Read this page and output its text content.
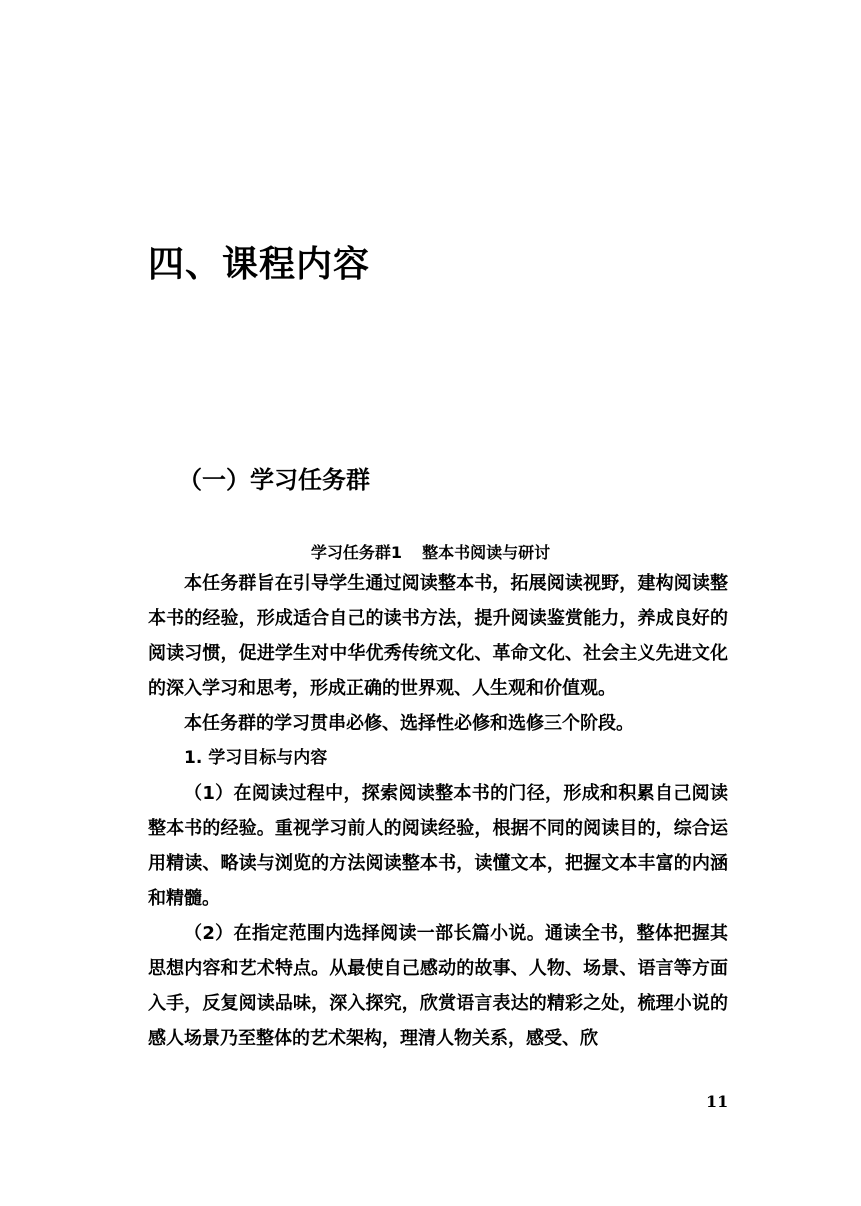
四、课程内容
（一）学习任务群
学习任务群1 整本书阅读与研讨

本任务群旨在引导学生通过阅读整本书，拓展阅读视野，建构阅读整本书的经验，形成适合自己的读书方法，提升阅读鉴赏能力，养成良好的阅读习惯，促进学生对中华优秀传统文化、革命文化、社会主义先进文化的深入学习和思考，形成正确的世界观、人生观和价值观。

本任务群的学习贯串必修、选择性必修和选修三个阶段。

1. 学习目标与内容

（1）在阅读过程中，探索阅读整本书的门径，形成和积累自己阅读整本书的经验。重视学习前人的阅读经验，根据不同的阅读目的，综合运用精读、略读与浏览的方法阅读整本书，读懂文本，把握文本丰富的内涵和精髓。

（2）在指定范围内选择阅读一部长篇小说。通读全书，整体把握其思想内容和艺术特点。从最使自己感动的故事、人物、场景、语言等方面入手，反复阅读品味，深入探究，欣赏语言表达的精彩之处，梳理小说的感人场景乃至整体的艺术架构，理清人物关系，感受、欣

11
